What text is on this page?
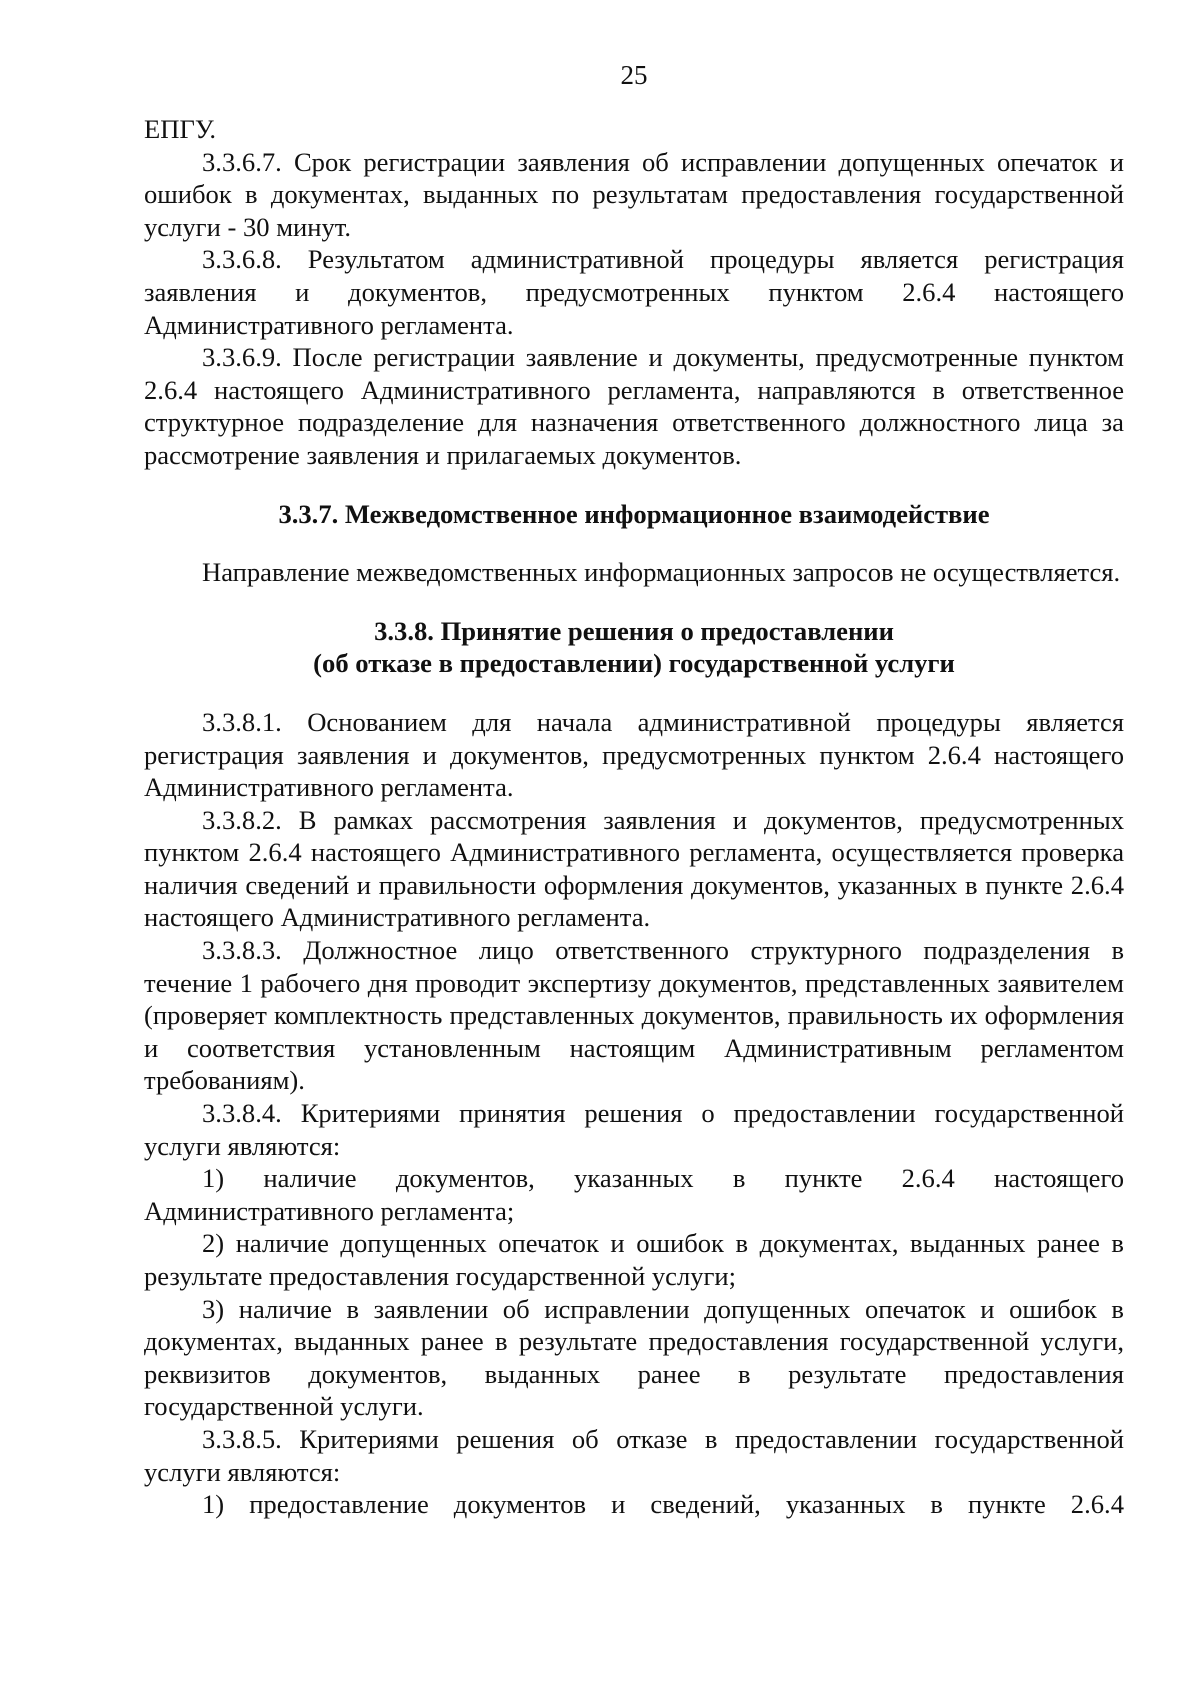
25

ЕПГУ.

3.3.6.7. Срок регистрации заявления об исправлении допущенных опечаток и ошибок в документах, выданных по результатам предоставления государственной услуги - 30 минут.

3.3.6.8. Результатом административной процедуры является регистрация заявления и документов, предусмотренных пунктом 2.6.4 настоящего Административного регламента.

3.3.6.9. После регистрации заявление и документы, предусмотренные пунктом 2.6.4 настоящего Административного регламента, направляются в ответственное структурное подразделение для назначения ответственного должностного лица за рассмотрение заявления и прилагаемых документов.

3.3.7. Межведомственное информационное взаимодействие

Направление межведомственных информационных запросов не осуществляется.

3.3.8. Принятие решения о предоставлении
(об отказе в предоставлении) государственной услуги

3.3.8.1. Основанием для начала административной процедуры является регистрация заявления и документов, предусмотренных пунктом 2.6.4 настоящего Административного регламента.

3.3.8.2. В рамках рассмотрения заявления и документов, предусмотренных пунктом 2.6.4 настоящего Административного регламента, осуществляется проверка наличия сведений и правильности оформления документов, указанных в пункте 2.6.4 настоящего Административного регламента.

3.3.8.3. Должностное лицо ответственного структурного подразделения в течение 1 рабочего дня проводит экспертизу документов, представленных заявителем (проверяет комплектность представленных документов, правильность их оформления и соответствия установленным настоящим Административным регламентом требованиям).

3.3.8.4. Критериями принятия решения о предоставлении государственной услуги являются:

1) наличие документов, указанных в пункте 2.6.4 настоящего Административного регламента;

2) наличие допущенных опечаток и ошибок в документах, выданных ранее в результате предоставления государственной услуги;

3) наличие в заявлении об исправлении допущенных опечаток и ошибок в документах, выданных ранее в результате предоставления государственной услуги, реквизитов документов, выданных ранее в результате предоставления государственной услуги.

3.3.8.5. Критериями решения об отказе в предоставлении государственной услуги являются:

1) предоставление документов и сведений, указанных в пункте 2.6.4
